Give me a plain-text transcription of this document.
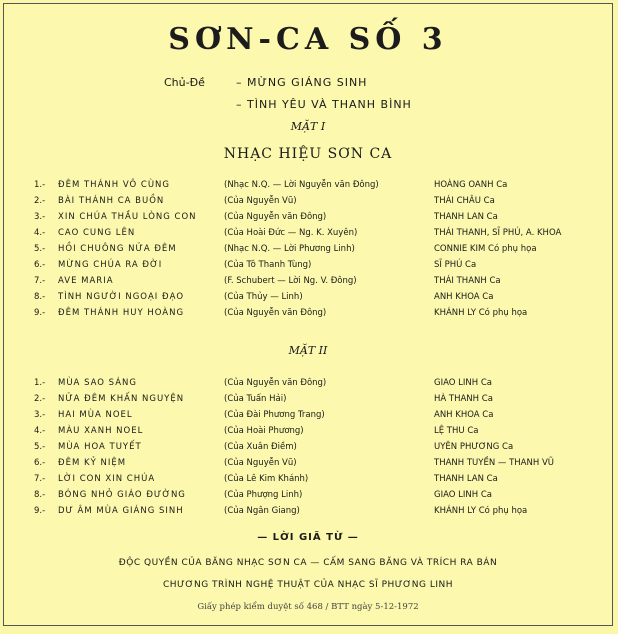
SƠN-CA SỐ 3
Chủ-Đề	– MỪNG GIÁNG SINH
– TÌNH YÊU VÀ THANH BÌNH
MẶT I
NHẠC HIỆU SƠN CA
1.-	ĐÊM THÁNH VÔ CÙNG	(Nhạc N.Q. — Lời Nguyễn văn Đông)	HOÀNG OANH Ca
2.-	BÀI THÁNH CA BUỒN	(Của Nguyễn Vũ)	THÁI CHÂU Ca
3.-	XIN CHÚA THẦU LÒNG CON	(Của Nguyễn văn Đông)	THANH LAN Ca
4.-	CAO CUNG LÊN	(Của Hoài Đức — Ng. K. Xuyên)	THÁI THANH, SĨ PHÚ, A. KHOA
5.-	HỒI CHUÔNG NỬA ĐÊM	(Nhạc N.Q. — Lời Phương Linh)	CONNIE KIM Có phụ họa
6.-	MỪNG CHÚA RA ĐỜI	(Của Tô Thanh Tùng)	SĨ PHÚ Ca
7.-	AVE MARIA	(F. Schubert — Lời Ng. V. Đông)	THÁI THANH Ca
8.-	TÌNH NGƯỜI NGOẠI ĐẠO	(Của Thủy — Linh)	ANH KHOA Ca
9.-	ĐÊM THÁNH HUY HOÀNG	(Của Nguyễn văn Đông)	KHÁNH LY Có phụ họa
MẶT II
1.-	MÙA SAO SÁNG	(Của Nguyễn văn Đông)	GIAO LINH Ca
2.-	NỬA ĐÊM KHẤN NGUYỆN	(Của Tuấn Hải)	HÀ THANH Ca
3.-	HAI MÙA NOEL	(Của Đài Phương Trang)	ANH KHOA Ca
4.-	MÀU XANH NOEL	(Của Hoài Phương)	LỆ THU Ca
5.-	MÙA HOA TUYẾT	(Của Xuân Điềm)	UYÊN PHƯƠNG Ca
6.-	ĐÊM KỶ NIỆM	(Của Nguyễn Vũ)	THANH TUYỀN — THANH VŨ
7.-	LỜI CON XIN CHÚA	(Của Lê Kim Khánh)	THANH LAN Ca
8.-	BÓNG NHỎ GIÁO ĐƯỜNG	(Của Phượng Linh)	GIAO LINH Ca
9.-	DƯ ÂM MÙA GIÁNG SINH	(Của Ngân Giang)	KHÁNH LY Có phụ họa
— LỜI GIÃ TỪ —
ĐỘC QUYỀN CỦA BĂNG NHẠC SƠN CA — CẤM SANG BĂNG VÀ TRÍCH RA BÁN
CHƯƠNG TRÌNH NGHỆ THUẬT CỦA NHẠC SĨ PHƯƠNG LINH
Giấy phép kiểm duyệt số 468 / BTT ngày 5-12-1972
